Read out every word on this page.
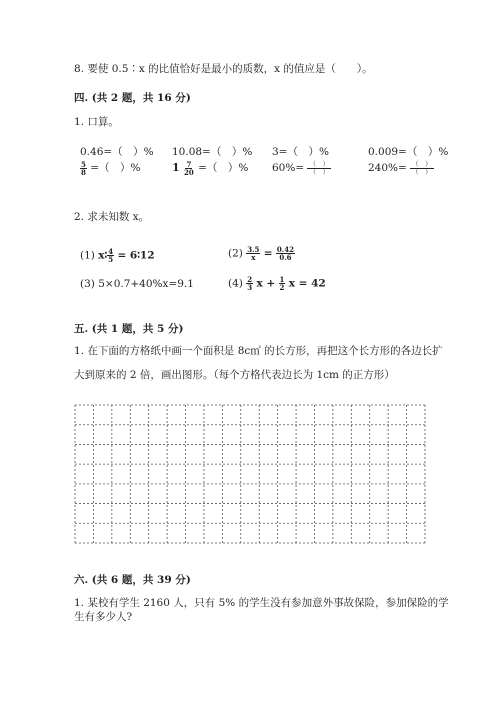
8. 要使 0.5∶x 的比值恰好是最小的质数，x 的值应是（　　）。
四. (共 2 题，共 16 分)
1. 口算。
0.46=（　）% 10.08=（　）% 3=（　）%	0.009=（　）%
$\frac{5}{8}$ =（　）%	$1 \frac{7}{20}$ =（　）% $60\%= \frac{( )}{( )}$	$240\%= \frac{( )}{( )}$
2. 求未知数 x。
(1) x∶ $\frac{4}{5}$ = 6∶12	$(2) \frac{3.5}{x} = \frac{0.42}{0.6}$
(3) 5×0.7+40%x=9.1	$(4) \frac{2}{3}$ $x + \frac{1}{2}$ x = 42
五. (共 1 题，共 5 分)
1. 在下面的方格纸中画一个面积是 8c㎡ 的长方形，再把这个长方形的各边长扩
大到原来的 2 倍，画出图形。（每个方格代表边长为 1cm 的正方形）
六. (共 6 题，共 39 分)
1. 某校有学生 2160 人，只有 5% 的学生没有参加意外事故保险，参加保险的学
生有多少人?
